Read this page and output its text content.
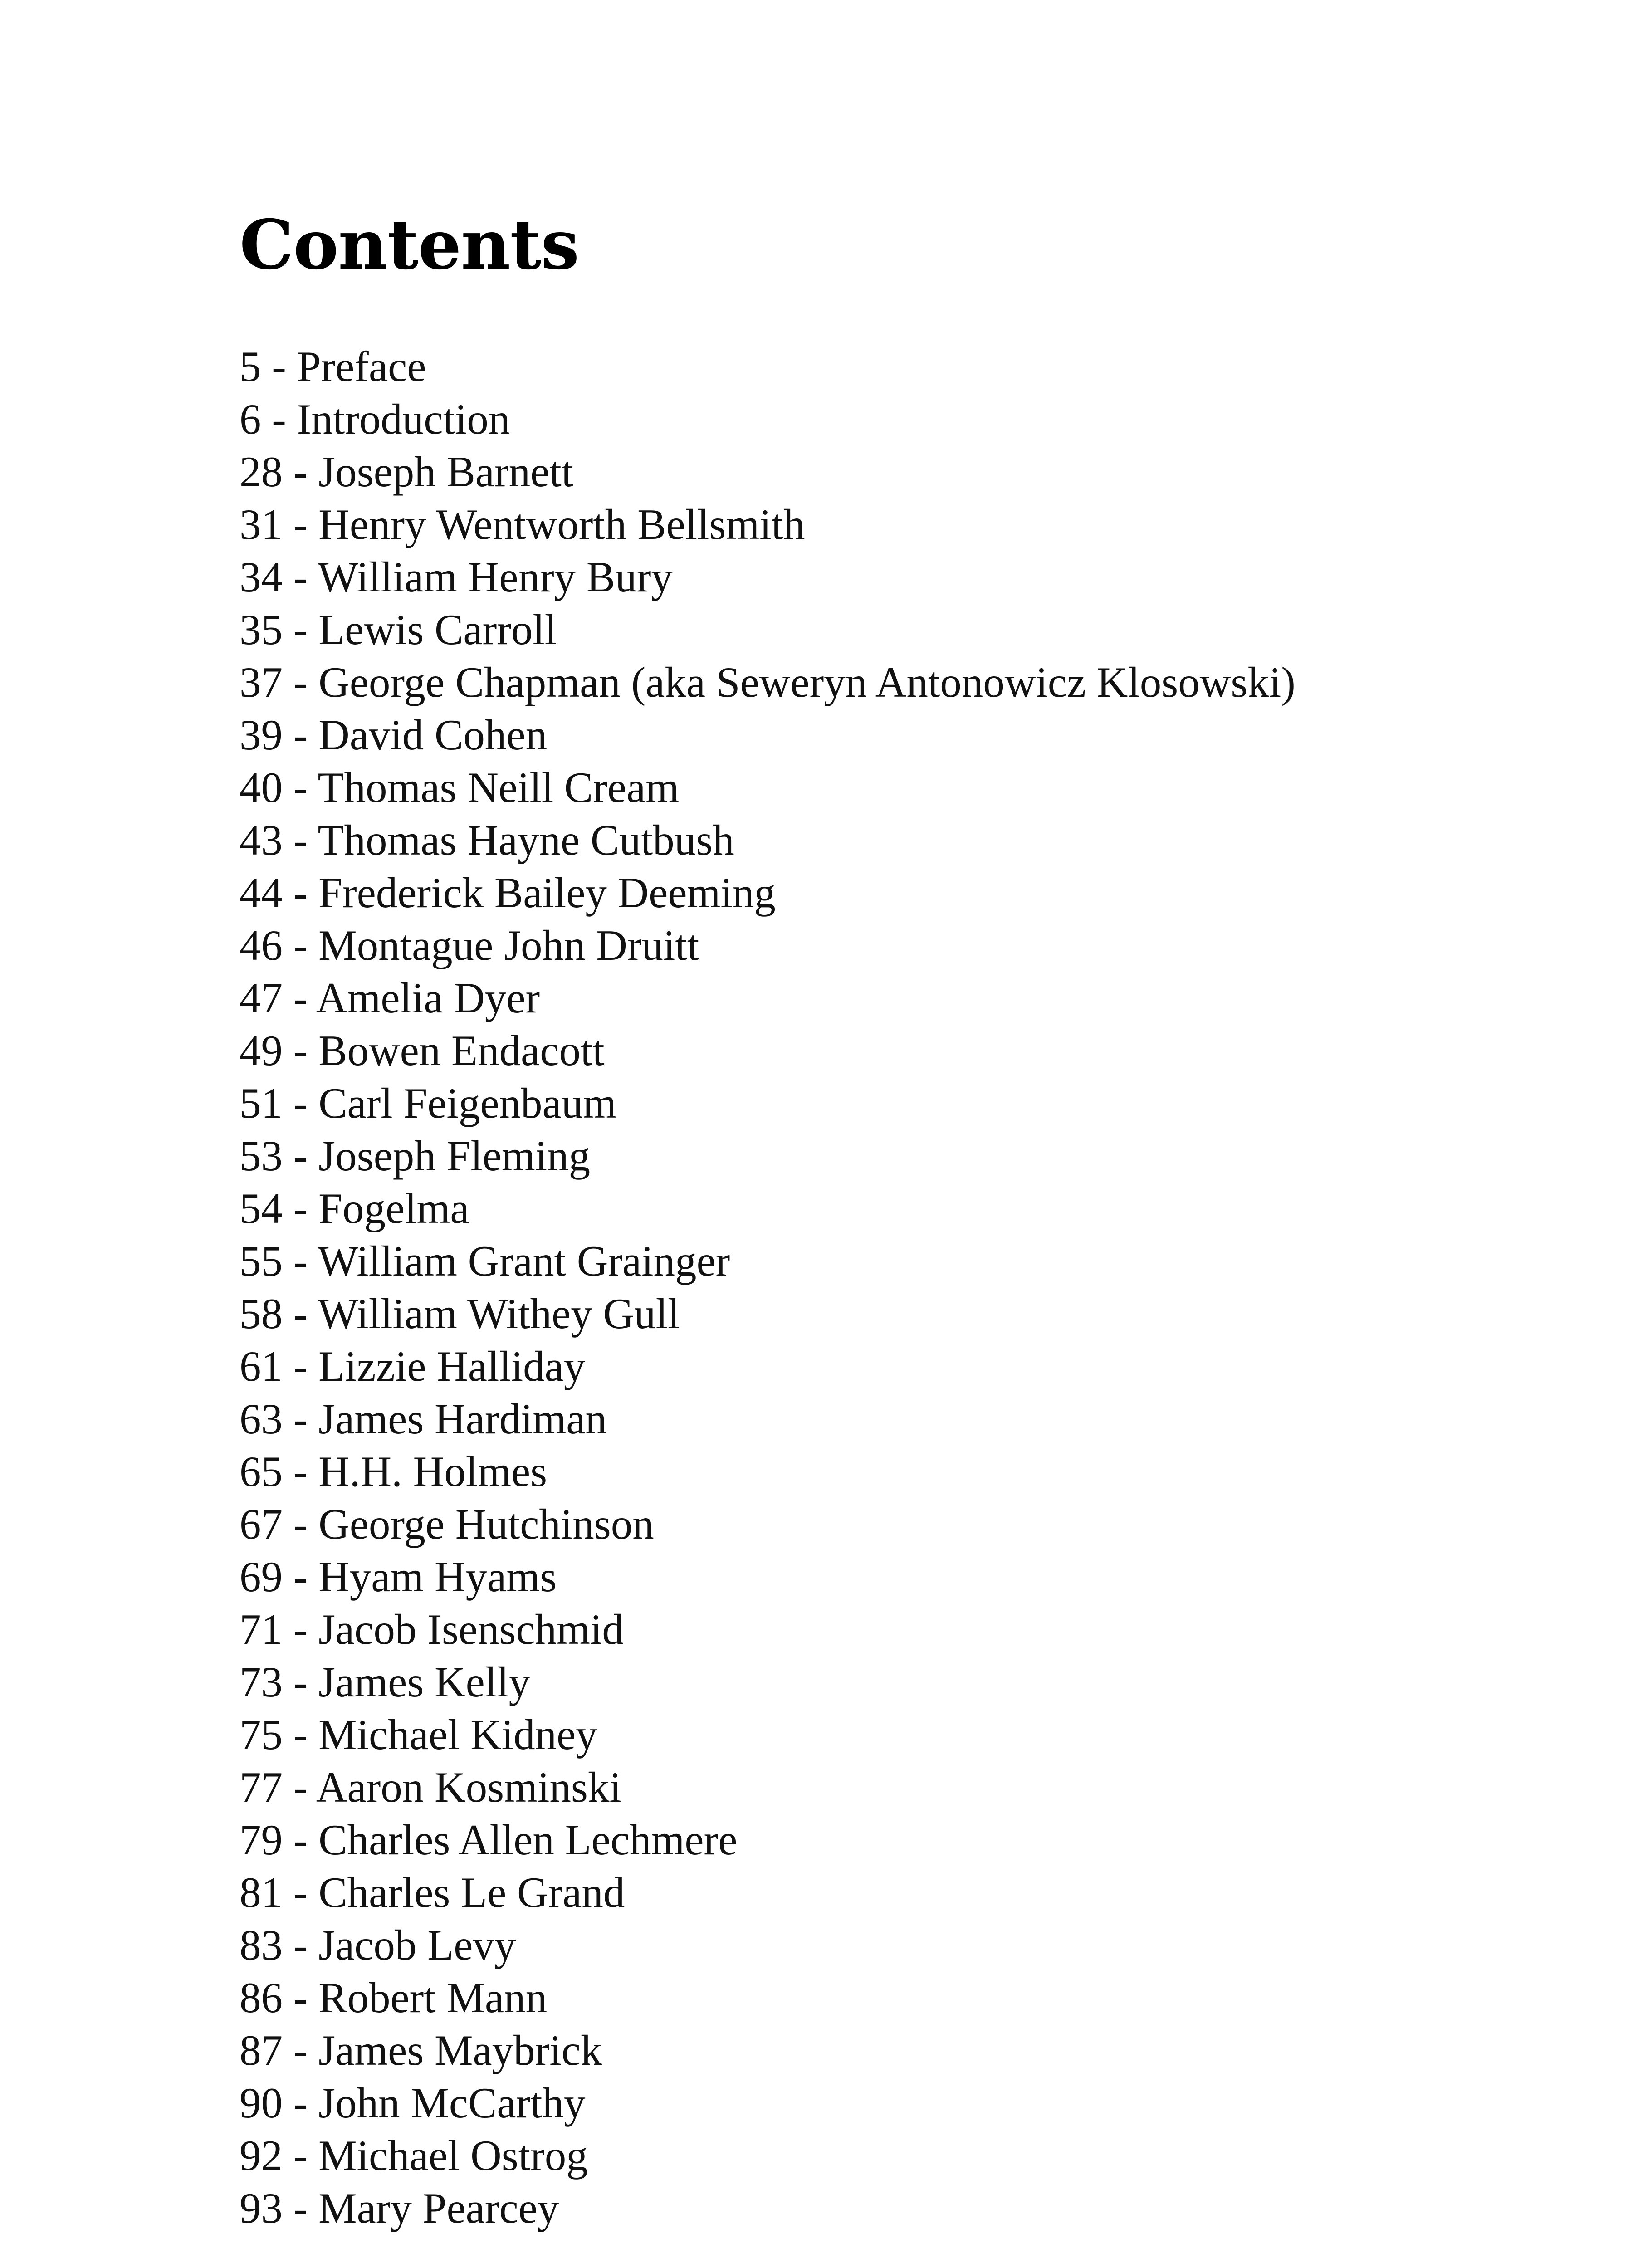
Contents
5 - Preface
6 - Introduction
28 - Joseph Barnett
31 - Henry Wentworth Bellsmith
34 - William Henry Bury
35 - Lewis Carroll
37 - George Chapman (aka Seweryn Antonowicz Klosowski)
39 - David Cohen
40 - Thomas Neill Cream
43 - Thomas Hayne Cutbush
44 - Frederick Bailey Deeming
46 - Montague John Druitt
47 - Amelia Dyer
49 - Bowen Endacott
51 - Carl Feigenbaum
53 - Joseph Fleming
54 - Fogelma
55 - William Grant Grainger
58 - William Withey Gull
61 - Lizzie Halliday
63 - James Hardiman
65 - H.H. Holmes
67 - George Hutchinson
69 - Hyam Hyams
71 - Jacob Isenschmid
73 - James Kelly
75 - Michael Kidney
77 - Aaron Kosminski
79 - Charles Allen Lechmere
81 - Charles Le Grand
83 - Jacob Levy
86 - Robert Mann
87 - James Maybrick
90 - John McCarthy
92 - Michael Ostrog
93 - Mary Pearcey
